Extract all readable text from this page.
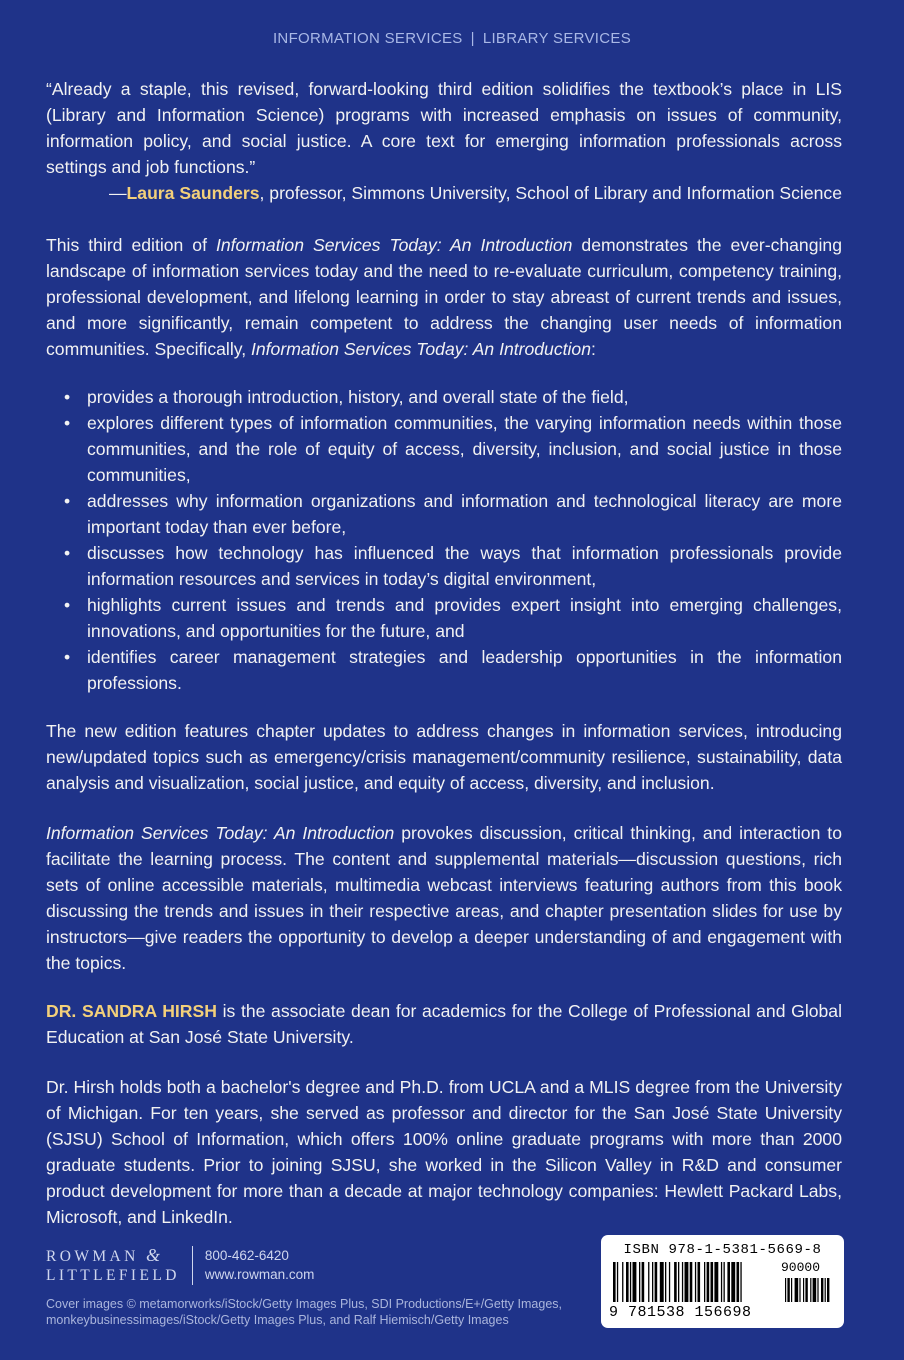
INFORMATION SERVICES | LIBRARY SERVICES

“Already a staple, this revised, forward-looking third edition solidifies the textbook’s place in LIS (Library and Information Science) programs with increased emphasis on issues of community, information policy, and social justice. A core text for emerging information professionals across settings and job functions.”

—Laura Saunders, professor, Simmons University, School of Library and Information Science

This third edition of Information Services Today: An Introduction demonstrates the ever-changing landscape of information services today and the need to re-evaluate curriculum, competency training, professional development, and lifelong learning in order to stay abreast of current trends and issues, and more significantly, remain competent to address the changing user needs of information communities. Specifically, Information Services Today: An Introduction:

• provides a thorough introduction, history, and overall state of the field,
• explores different types of information communities, the varying information needs within those communities, and the role of equity of access, diversity, inclusion, and social justice in those communities,
• addresses why information organizations and information and technological literacy are more important today than ever before,
• discusses how technology has influenced the ways that information professionals provide information resources and services in today’s digital environment,
• highlights current issues and trends and provides expert insight into emerging challenges, innovations, and opportunities for the future, and
• identifies career management strategies and leadership opportunities in the information professions.

The new edition features chapter updates to address changes in information services, introducing new/updated topics such as emergency/crisis management/community resilience, sustainability, data analysis and visualization, social justice, and equity of access, diversity, and inclusion.

Information Services Today: An Introduction provokes discussion, critical thinking, and interaction to facilitate the learning process. The content and supplemental materials—discussion questions, rich sets of online accessible materials, multimedia webcast interviews featuring authors from this book discussing the trends and issues in their respective areas, and chapter presentation slides for use by instructors—give readers the opportunity to develop a deeper understanding of and engagement with the topics.

DR. SANDRA HIRSH is the associate dean for academics for the College of Professional and Global Education at San José State University.

Dr. Hirsh holds both a bachelor's degree and Ph.D. from UCLA and a MLIS degree from the University of Michigan. For ten years, she served as professor and director for the San José State University (SJSU) School of Information, which offers 100% online graduate programs with more than 2000 graduate students. Prior to joining SJSU, she worked in the Silicon Valley in R&D and consumer product development for more than a decade at major technology companies: Hewlett Packard Labs, Microsoft, and LinkedIn.

ROWMAN &
LITTLEFIELD
800-462-6420
www.rowman.com
Cover images © metamorworks/iStock/Getty Images Plus, SDI Productions/E+/Getty Images, monkeybusinessimages/iStock/Getty Images Plus, and Ralf Hiemisch/Getty Images
ISBN 978-1-5381-5669-8
90000
9 781538 156698
